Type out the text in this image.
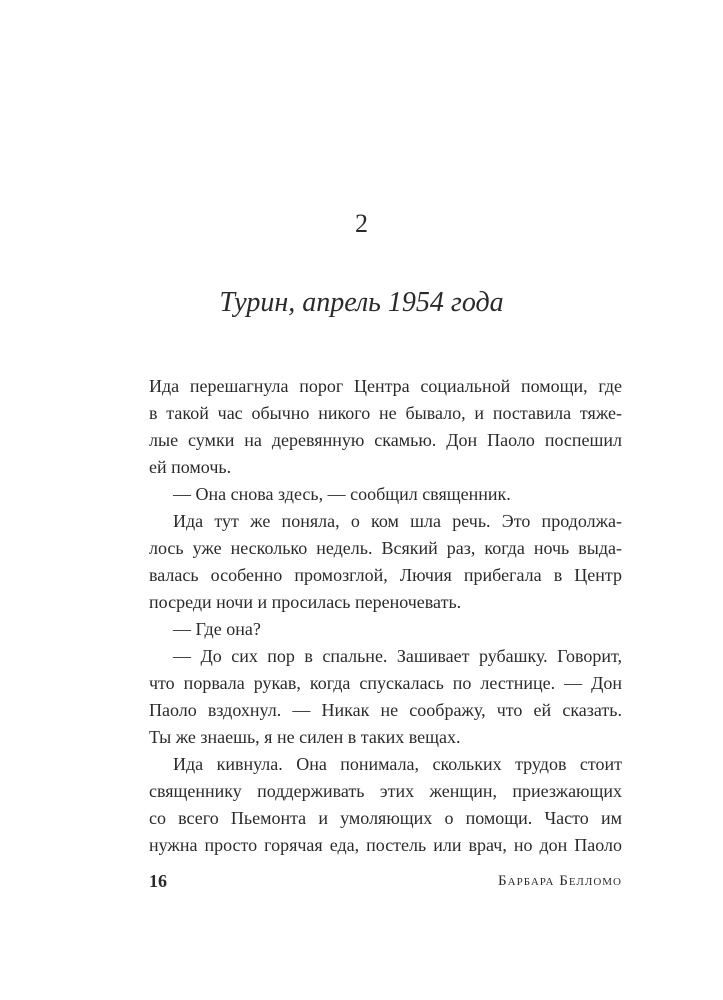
2
Турин, апрель 1954 года
Ида перешагнула порог Центра социальной помощи, где
в такой час обычно никого не бывало, и поставила тяже-
лые сумки на деревянную скамью. Дон Паоло поспешил
ей помочь.
— Она снова здесь, — сообщил священник.
Ида тут же поняла, о ком шла речь. Это продолжа-
лось уже несколько недель. Всякий раз, когда ночь выда-
валась особенно промозглой, Лючия прибегала в Центр
посреди ночи и просилась переночевать.
— Где она?
— До сих пор в спальне. Зашивает рубашку. Говорит,
что порвала рукав, когда спускалась по лестнице. — Дон
Паоло вздохнул. — Никак не соображу, что ей сказать.
Ты же знаешь, я не силен в таких вещах.
Ида кивнула. Она понимала, скольких трудов стоит
священнику поддерживать этих женщин, приезжающих
со всего Пьемонта и умоляющих о помощи. Часто им
нужна просто горячая еда, постель или врач, но дон Паоло
16	Барбара Белломо
